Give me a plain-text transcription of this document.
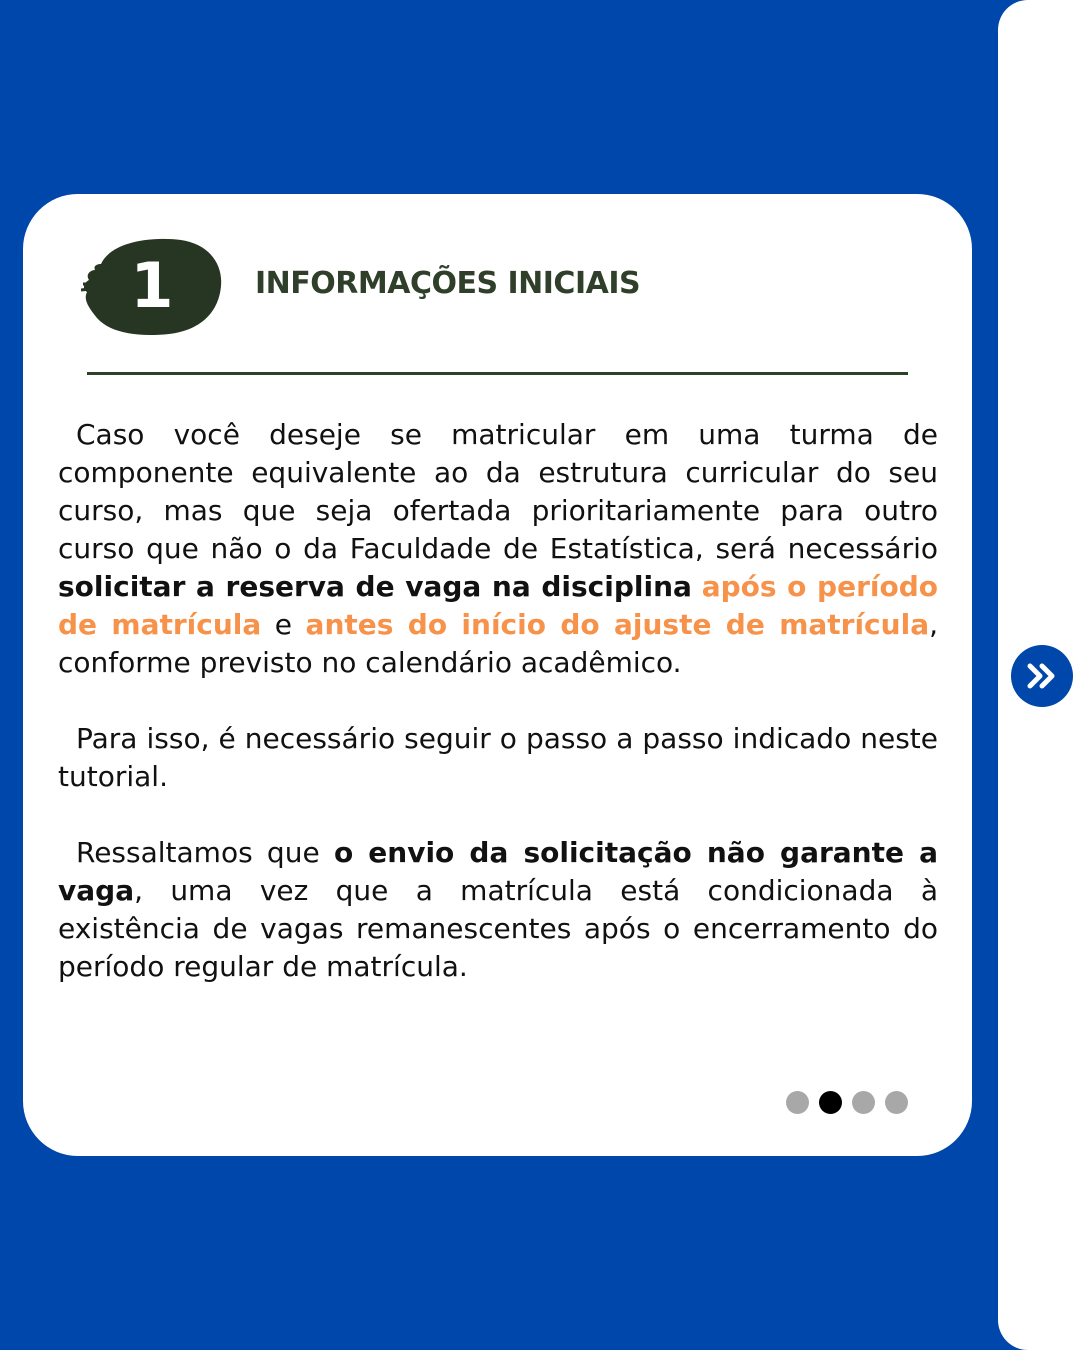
1	INFORMAÇÕES INICIAIS

Caso você deseje se matricular em uma turma de componente equivalente ao da estrutura curricular do seu curso, mas que seja ofertada prioritariamente para outro curso que não o da Faculdade de Estatística, será necessário solicitar a reserva de vaga na disciplina após o período de matrícula e antes do início do ajuste de matrícula, conforme previsto no calendário acadêmico.

Para isso, é necessário seguir o passo a passo indicado neste tutorial.

Ressaltamos que o envio da solicitação não garante a vaga, uma vez que a matrícula está condicionada à existência de vagas remanescentes após o encerramento do período regular de matrícula.
